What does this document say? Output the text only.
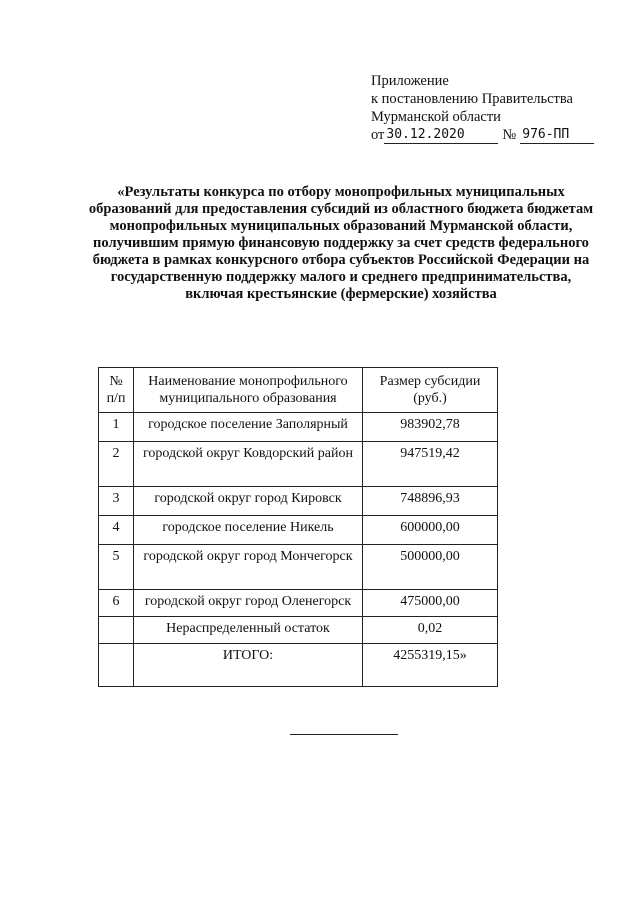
Приложение
к постановлению Правительства
Мурманской области
от 30.12.2020	№ 976-ПП
«Результаты конкурса по отбору монопрофильных муниципальных образований для предоставления субсидий из областного бюджета бюджетам монопрофильных муниципальных образований Мурманской области, получившим прямую финансовую поддержку за счет средств федерального бюджета в рамках конкурсного отбора субъектов Российской Федерации на государственную поддержку малого и среднего предпринимательства, включая крестьянские (фермерские) хозяйства
№ п/п	Наименование монопрофильного муниципального образования	Размер субсидии (руб.)
1	городское поселение Заполярный	983902,78
2	городской округ Ковдорский район	947519,42
3	городской округ город Кировск	748896,93
4	городское поселение Никель	600000,00
5	городской округ город Мончегорск	500000,00
6	городской округ город Оленегорск	475000,00
	Нераспределенный остаток	0,02
	ИТОГО:	4255319,15»
